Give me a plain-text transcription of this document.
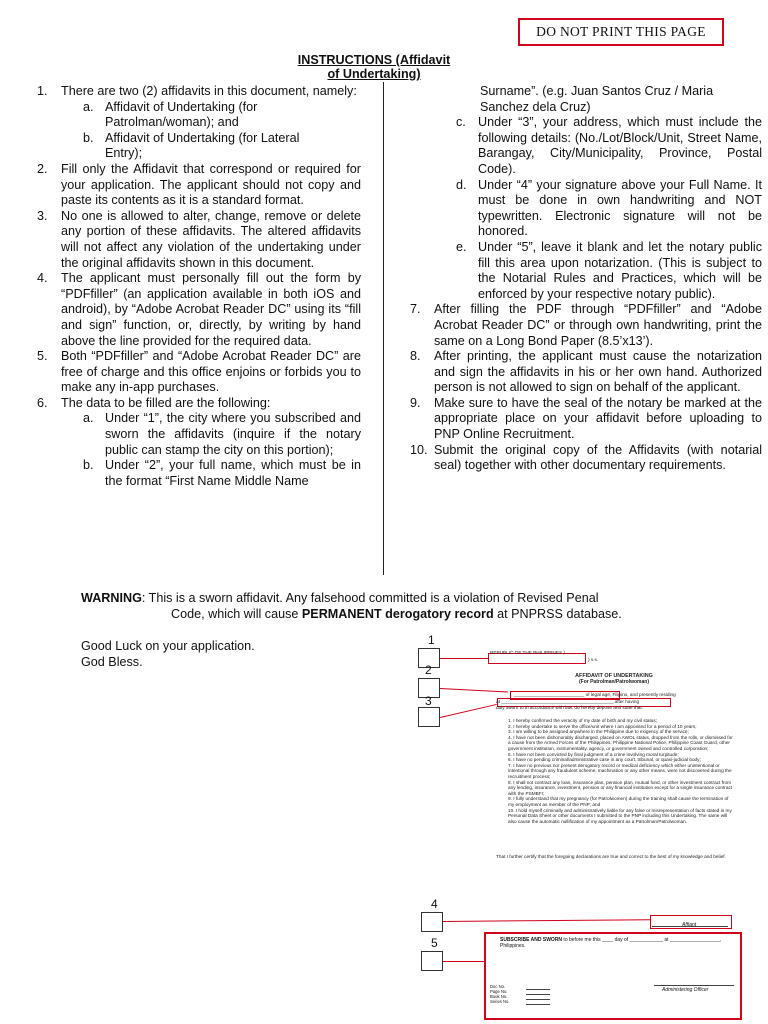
DO NOT PRINT THIS PAGE
INSTRUCTIONS (Affidavit
of Undertaking)
1. There are two (2) affidavits in this document, namely:

a. Affidavit of Undertaking (for Patrolman/woman); and

b. Affidavit of Undertaking (for Lateral Entry);

2. Fill only the Affidavit that correspond or required for your application. The applicant should not copy and paste its contents as it is a standard format.

3. No one is allowed to alter, change, remove or delete any portion of these affidavits. The altered affidavits will not affect any violation of the undertaking under the original affidavits shown in this document.

4. The applicant must personally fill out the form by “PDFfiller” (an application available in both iOS and android), by “Adobe Acrobat Reader DC” using its “fill and sign” function, or, directly, by writing by hand above the line provided for the required data.

5. Both “PDFfiller” and “Adobe Acrobat Reader DC” are free of charge and this office enjoins or forbids you to make any in-app purchases.

6. The data to be filled are the following:

a. Under “1”, the city where you subscribed and sworn the affidavits (inquire if the notary public can stamp the city on this portion);

b. Under “2”, your full name, which must be in the format “First Name Middle Name

Surname”. (e.g. Juan Santos Cruz / Maria

Sanchez dela Cruz)

c. Under “3”, your address, which must include the following details: (No./Lot/Block/Unit, Street Name, Barangay, City/Municipality, Province, Postal Code).

d. Under “4” your signature above your Full Name. It must be done in own handwriting and NOT typewritten. Electronic signature will not be honored.

e. Under “5”, leave it blank and let the notary public fill this area upon notarization. (This is subject to the Notarial Rules and Practices, which will be enforced by your respective notary public).

7. After filling the PDF through “PDFfiller” and “Adobe Acrobat Reader DC” or through own handwriting, print the same on a Long Bond Paper (8.5’x13’).

8. After printing, the applicant must cause the notarization and sign the affidavits in his or her own hand. Authorized person is not allowed to sign on behalf of the applicant.

9. Make sure to have the seal of the notary be marked at the appropriate place on your affidavit before uploading to PNP Online Recruitment.

10. Submit the original copy of the Affidavits (with notarial seal) together with other documentary requirements.

WARNING: This is a sworn affidavit. Any falsehood committed is a violation of Revised Penal
Code, which will cause PERMANENT derogatory record at PNPRSS database.
Good Luck on your application.
God Bless.
1
2
3
4
5
REPUBLIC OF THE PHILIPPINES )
) s.s.
AFFIDAVIT OF UNDERTAKING
(For Patrolman/Patrolwoman)
I, ___________________________ of legal age, Filipino, and presently residing
at ___________________________________________ after having
duly sworn to in accordance with law, do hereby depose and state that:
1. I hereby confirmed the veracity of my date of birth and my civil status;
2. I hereby undertake to serve the office/unit where I am appointed for a period of 10 years;
3. I am willing to be assigned anywhere in the Philippine due to exigency of the service;
4. I have not been dishonorably discharged, placed on AWOL status, dropped from the rolls, or dismissed for a cause from the Armed Forces of the Philippines, Philippine National Police, Philippine Coast Guard, other government institution, instrumentality, agency, or government owned and controlled corporation;
5. I have not been convicted by final judgment of a crime involving moral turpitude;
6. I have no pending criminal/administrative case in any court, tribunal, or quasi-judicial body;
7. I have no previous nor present derogatory record or medical deficiency which either unintentional or intentional through any fraudulent scheme, machination or any other means, were not discovered during the recruitment process;
8. I shall not contract any loan, insurance plan, pension plan, mutual fund, or other investment contract from any lending, insurance, investment, pension or any financial institution except for a single insurance contract with the PSMBFI;
9. I fully understand that my pregnancy (for Patrolwomen) during the training shall cause the termination of my employment as member of the PNP; and
10. I hold myself criminally and administratively liable for any false or misrepresentation of facts stated in my Personal Data Sheet or other documents I submitted to the PNP including this Undertaking. The same will also cause the automatic nullification of my appointment as a Patrolman/Patrolwoman.
That I further certify that the foregoing declarations are true and correct to the best of my knowledge and belief.
Affiant
SUBSCRIBE AND SWORN to before me this ____ day of ____________ at __________________, Philippines.
Doc No.
Page No.
Book No.
Series No.
Administering Officer
